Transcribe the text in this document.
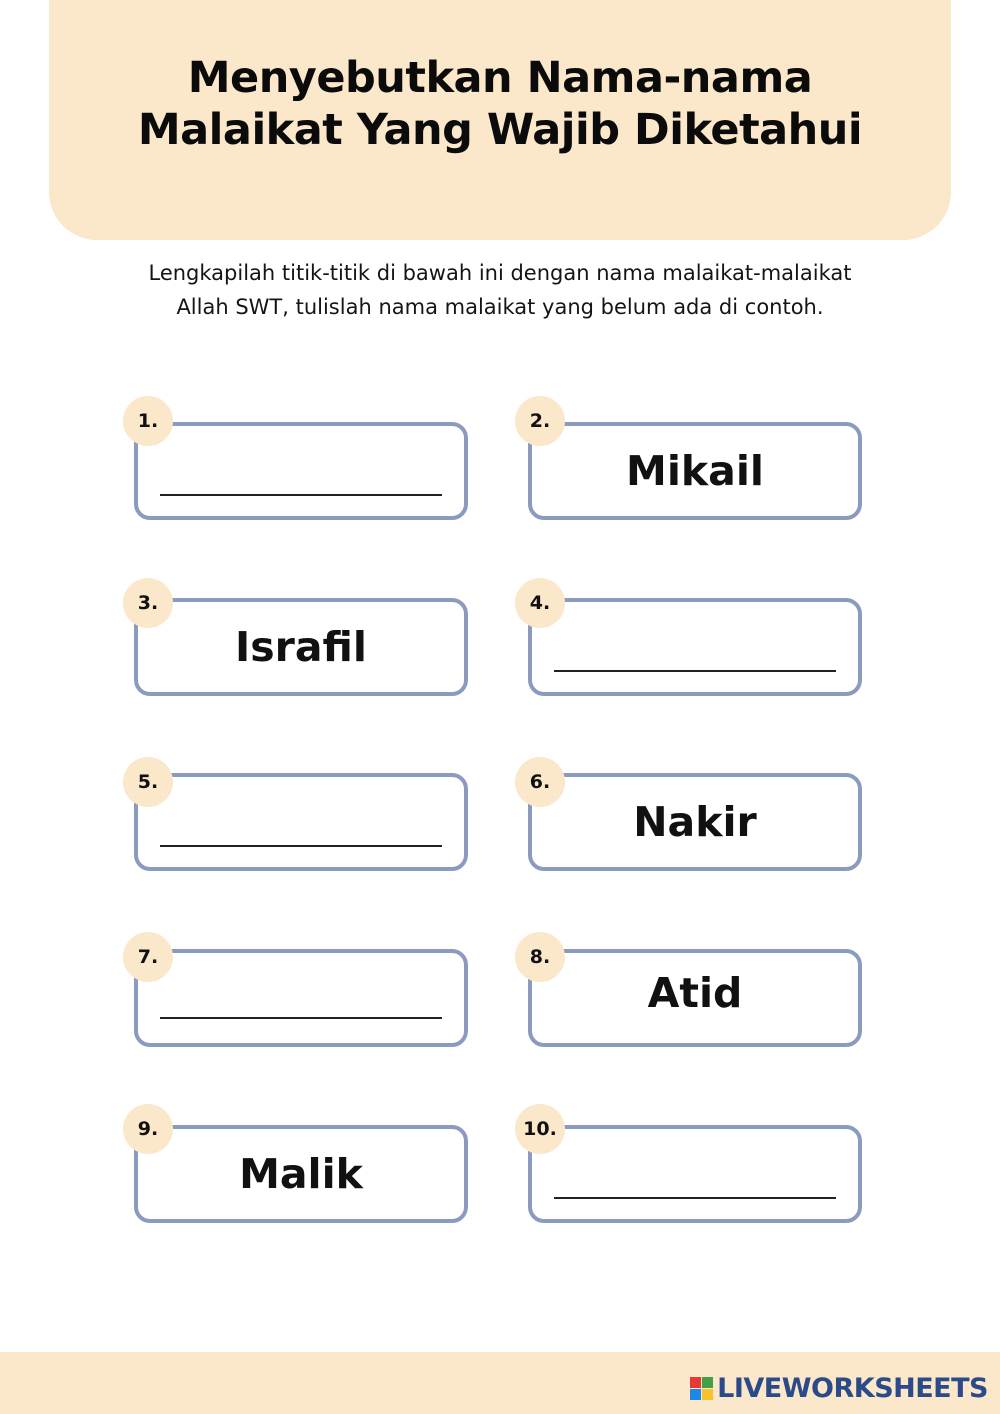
Menyebutkan Nama-nama
Malaikat Yang Wajib Diketahui

Lengkapilah titik-titik di bawah ini dengan nama malaikat-malaikat Allah SWT, tulislah nama malaikat yang belum ada di contoh.

1.
Mikail
2.
Israfil
3.	4.
5.
Nakir
6.
7.
Atid
8.
Malik
9.	10.
LIVEWORKSHEETS
